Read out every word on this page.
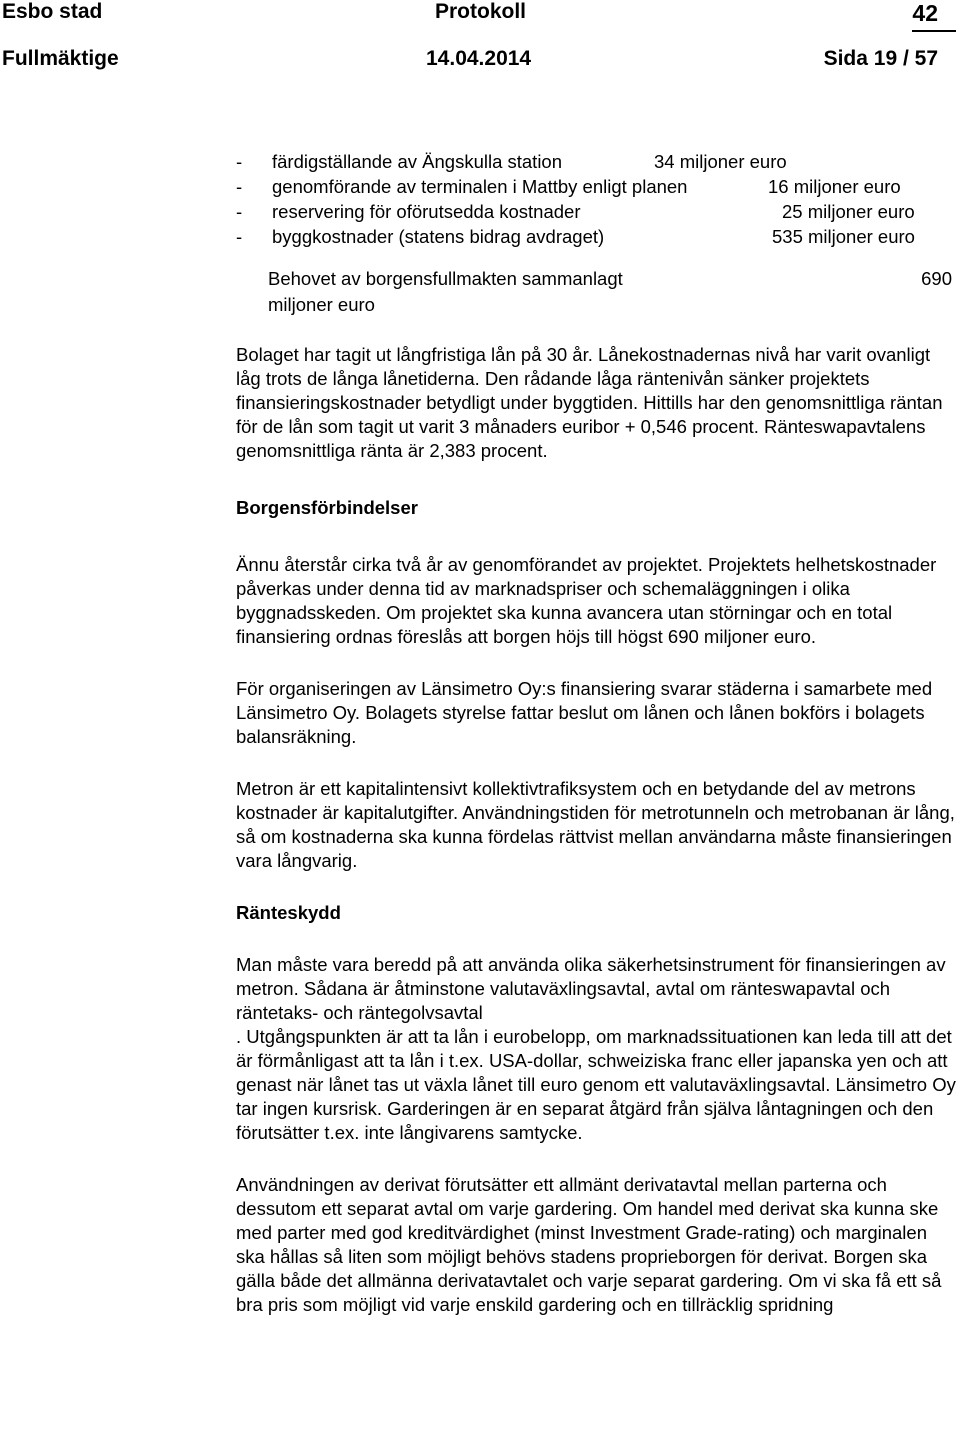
Esbo stad	Protokoll	42
Fullmäktige	14.04.2014	Sida 19 / 57
- färdigställande av Ängskulla station	34 miljoner euro
- genomförande av terminalen i Mattby enligt planen	16 miljoner euro
- reservering för oförutsedda kostnader	25 miljoner euro
- byggkostnader (statens bidrag avdraget)	535 miljoner euro
Behovet av borgensfullmakten sammanlagt	690
miljoner euro

Bolaget har tagit ut långfristiga lån på 30 år. Lånekostnadernas nivå har varit ovanligt låg trots de långa lånetiderna. Den rådande låga räntenivån sänker projektets finansieringskostnader betydligt under byggtiden. Hittills har den genomsnittliga räntan för de lån som tagit ut varit 3 månaders euribor + 0,546 procent. Ränteswapavtalens genomsnittliga ränta är 2,383 procent.

Borgensförbindelser

Ännu återstår cirka två år av genomförandet av projektet. Projektets helhetskostnader påverkas under denna tid av marknadspriser och schemaläggningen i olika byggnadsskeden. Om projektet ska kunna avancera utan störningar och en total finansiering ordnas föreslås att borgen höjs till högst 690 miljoner euro.

För organiseringen av Länsimetro Oy:s finansiering svarar städerna i samarbete med Länsimetro Oy. Bolagets styrelse fattar beslut om lånen och lånen bokförs i bolagets balansräkning.

Metron är ett kapitalintensivt kollektivtrafiksystem och en betydande del av metrons kostnader är kapitalutgifter. Användningstiden för metrotunneln och metrobanan är lång, så om kostnaderna ska kunna fördelas rättvist mellan användarna måste finansieringen vara långvarig.

Ränteskydd

Man måste vara beredd på att använda olika säkerhetsinstrument för finansieringen av metron. Sådana är åtminstone valutaväxlingsavtal, avtal om ränteswapavtal och räntetaks- och räntegolvsavtal

. Utgångspunkten är att ta lån i eurobelopp, om marknadssituationen kan leda till att det är förmånligast att ta lån i t.ex. USA-dollar, schweiziska franc eller japanska yen och att genast när lånet tas ut växla lånet till euro genom ett valutaväxlingsavtal. Länsimetro Oy tar ingen kursrisk. Garderingen är en separat åtgärd från själva låntagningen och den förutsätter t.ex. inte långivarens samtycke.

Användningen av derivat förutsätter ett allmänt derivatavtal mellan parterna och dessutom ett separat avtal om varje gardering. Om handel med derivat ska kunna ske med parter med god kreditvärdighet (minst Investment Grade-rating) och marginalen ska hållas så liten som möjligt behövs stadens proprieborgen för derivat. Borgen ska gälla både det allmänna derivatavtalet och varje separat gardering. Om vi ska få ett så bra pris som möjligt vid varje enskild gardering och en tillräcklig spridning
